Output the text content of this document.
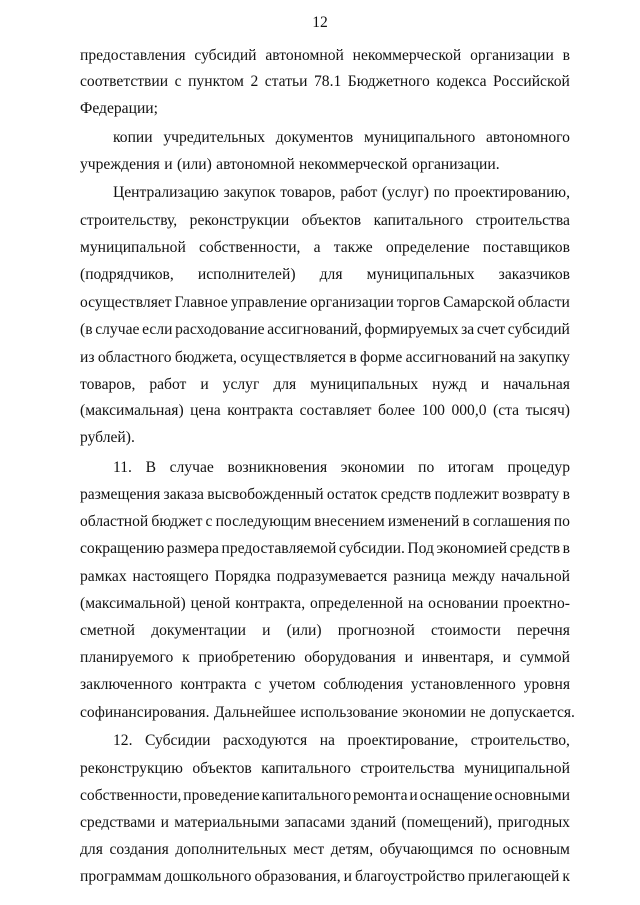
12
предоставления субсидий автономной некоммерческой организации в
соответствии с пунктом 2 статьи 78.1 Бюджетного кодекса Российской
Федерации;
копии учредительных документов муниципального автономного
учреждения и (или) автономной некоммерческой организации.
Централизацию закупок товаров, работ (услуг) по проектированию,
строительству, реконструкции объектов капитального строительства
муниципальной собственности, а также определение поставщиков
(подрядчиков, исполнителей) для муниципальных заказчиков
осуществляет Главное управление организации торгов Самарской области
(в случае если расходование ассигнований, формируемых за счет субсидий
из областного бюджета, осуществляется в форме ассигнований на закупку
товаров, работ и услуг для муниципальных нужд и начальная
(максимальная) цена контракта составляет более 100 000,0 (ста тысяч)
рублей).
11. В случае возникновения экономии по итогам процедур
размещения заказа высвобожденный остаток средств подлежит возврату в
областной бюджет с последующим внесением изменений в соглашения по
сокращению размера предоставляемой субсидии. Под экономией средств в
рамках настоящего Порядка подразумевается разница между начальной
(максимальной) ценой контракта, определенной на основании проектно-
сметной документации и (или) прогнозной стоимости перечня
планируемого к приобретению оборудования и инвентаря, и суммой
заключенного контракта с учетом соблюдения установленного уровня
софинансирования. Дальнейшее использование экономии не допускается.
12. Субсидии расходуются на проектирование, строительство,
реконструкцию объектов капитального строительства муниципальной
собственности, проведение капитального ремонта и оснащение основными
средствами и материальными запасами зданий (помещений), пригодных
для создания дополнительных мест детям, обучающимся по основным
программам дошкольного образования, и благоустройство прилегающей к
